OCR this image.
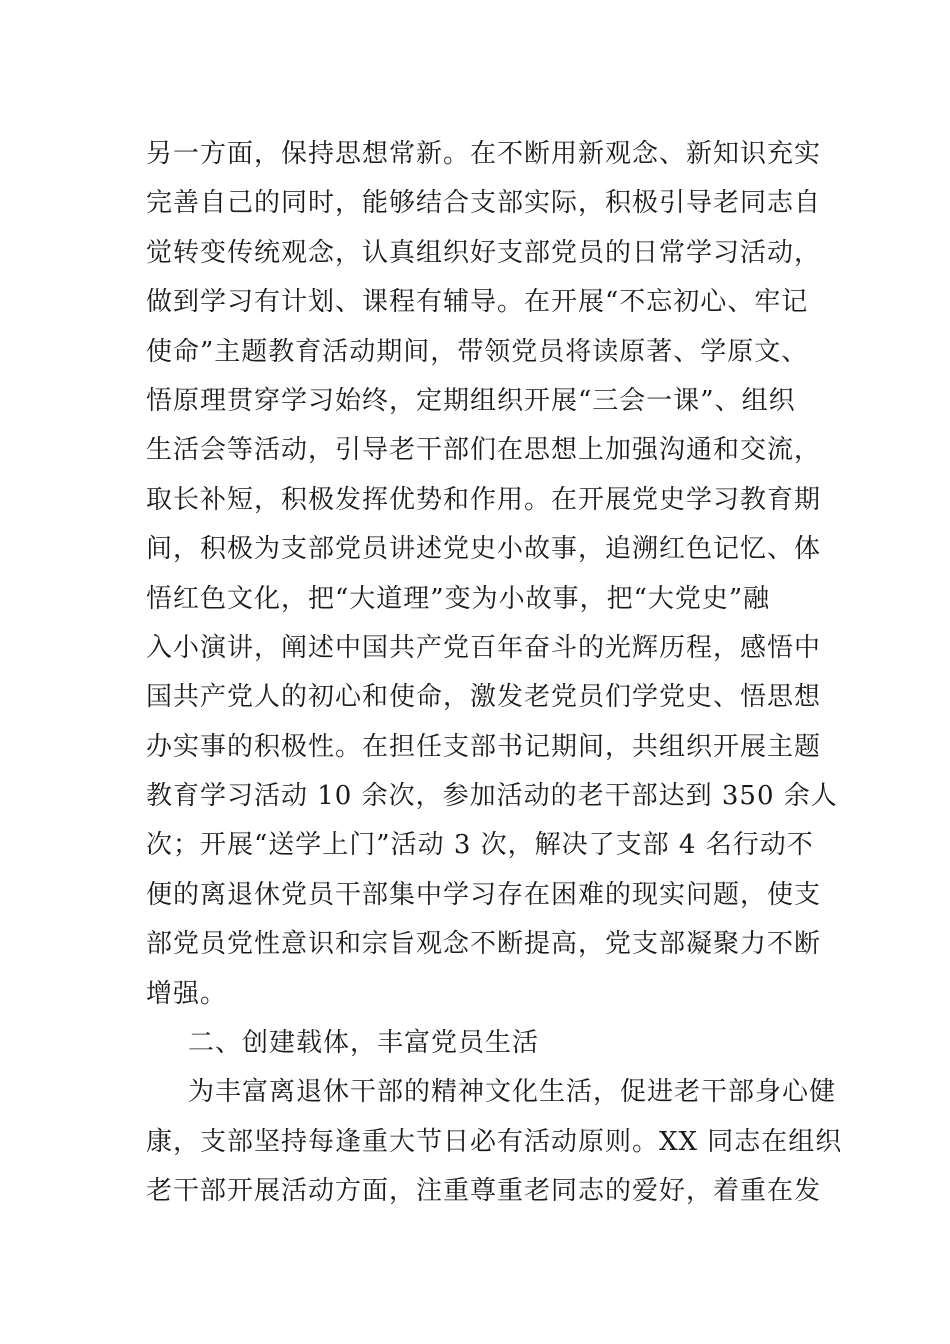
另一方面，保持思想常新。在不断用新观念、新知识充实
完善自己的同时，能够结合支部实际，积极引导老同志自
觉转变传统观念，认真组织好支部党员的日常学习活动，
做到学习有计划、课程有辅导。在开展“不忘初心、牢记
使命”主题教育活动期间，带领党员将读原著、学原文、
悟原理贯穿学习始终，定期组织开展“三会一课”、组织
生活会等活动，引导老干部们在思想上加强沟通和交流，
取长补短，积极发挥优势和作用。在开展党史学习教育期
间，积极为支部党员讲述党史小故事，追溯红色记忆、体
悟红色文化，把“大道理”变为小故事，把“大党史”融
入小演讲，阐述中国共产党百年奋斗的光辉历程，感悟中
国共产党人的初心和使命，激发老党员们学党史、悟思想
办实事的积极性。在担任支部书记期间，共组织开展主题
教育学习活动 10 余次，参加活动的老干部达到 350 余人
次；开展“送学上门”活动 3 次，解决了支部 4 名行动不
便的离退休党员干部集中学习存在困难的现实问题，使支
部党员党性意识和宗旨观念不断提高，党支部凝聚力不断
增强。
二、创建载体，丰富党员生活
为丰富离退休干部的精神文化生活，促进老干部身心健
康，支部坚持每逢重大节日必有活动原则。XX 同志在组织
老干部开展活动方面，注重尊重老同志的爱好，着重在发
